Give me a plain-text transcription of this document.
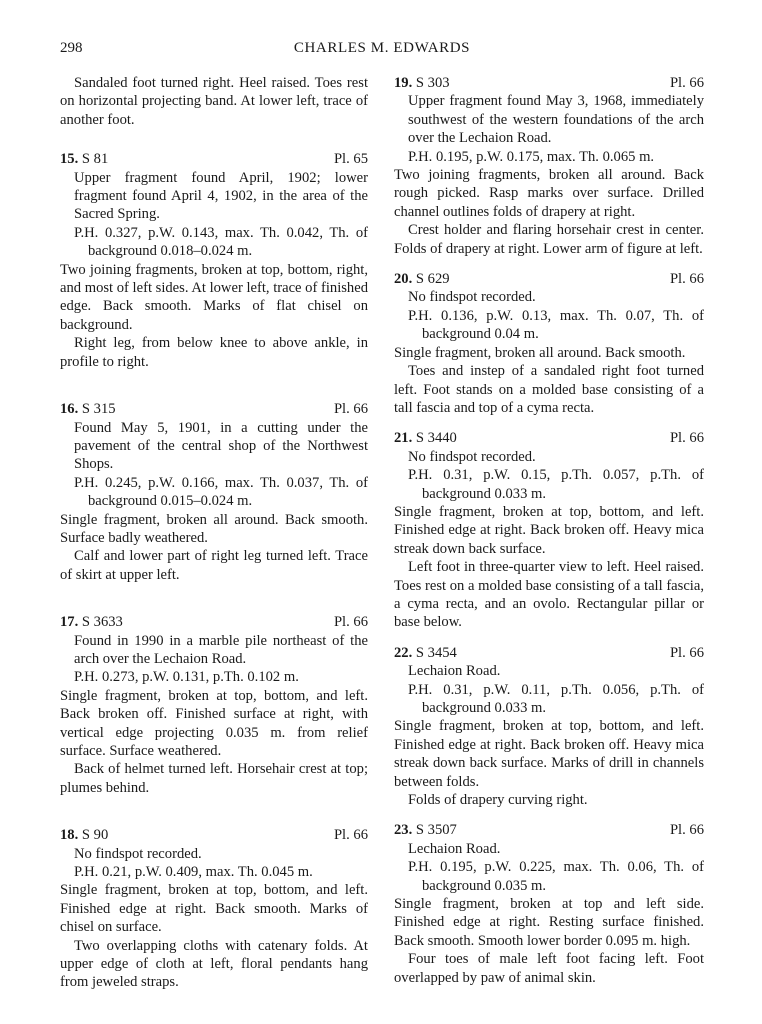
298	CHARLES M. EDWARDS

Sandaled foot turned right. Heel raised. Toes rest on horizontal projecting band. At lower left, trace of another foot.

15. S 81	Pl. 65

Upper fragment found April, 1902; lower fragment found April 4, 1902, in the area of the Sacred Spring.

P.H. 0.327, p.W. 0.143, max. Th. 0.042, Th. of background 0.018–0.024 m.

Two joining fragments, broken at top, bottom, right, and most of left sides. At lower left, trace of finished edge. Back smooth. Marks of flat chisel on background.

Right leg, from below knee to above ankle, in profile to right.

16. S 315	Pl. 66

Found May 5, 1901, in a cutting under the pavement of the central shop of the Northwest Shops.

P.H. 0.245, p.W. 0.166, max. Th. 0.037, Th. of background 0.015–0.024 m.

Single fragment, broken all around. Back smooth. Surface badly weathered.

Calf and lower part of right leg turned left. Trace of skirt at upper left.

17. S 3633	Pl. 66

Found in 1990 in a marble pile northeast of the arch over the Lechaion Road.

P.H. 0.273, p.W. 0.131, p.Th. 0.102 m.

Single fragment, broken at top, bottom, and left. Back broken off. Finished surface at right, with vertical edge projecting 0.035 m. from relief surface. Surface weathered.

Back of helmet turned left. Horsehair crest at top; plumes behind.

18. S 90	Pl. 66

No findspot recorded.

P.H. 0.21, p.W. 0.409, max. Th. 0.045 m.

Single fragment, broken at top, bottom, and left. Finished edge at right. Back smooth. Marks of chisel on surface.

Two overlapping cloths with catenary folds. At upper edge of cloth at left, floral pendants hang from jeweled straps.

19. S 303	Pl. 66

Upper fragment found May 3, 1968, immediately southwest of the western foundations of the arch over the Lechaion Road.

P.H. 0.195, p.W. 0.175, max. Th. 0.065 m.

Two joining fragments, broken all around. Back rough picked. Rasp marks over surface. Drilled channel outlines folds of drapery at right.

Crest holder and flaring horsehair crest in center. Folds of drapery at right. Lower arm of figure at left.

20. S 629	Pl. 66

No findspot recorded.

P.H. 0.136, p.W. 0.13, max. Th. 0.07, Th. of background 0.04 m.

Single fragment, broken all around. Back smooth.

Toes and instep of a sandaled right foot turned left. Foot stands on a molded base consisting of a tall fascia and top of a cyma recta.

21. S 3440	Pl. 66

No findspot recorded.

P.H. 0.31, p.W. 0.15, p.Th. 0.057, p.Th. of background 0.033 m.

Single fragment, broken at top, bottom, and left. Finished edge at right. Back broken off. Heavy mica streak down back surface.

Left foot in three-quarter view to left. Heel raised. Toes rest on a molded base consisting of a tall fascia, a cyma recta, and an ovolo. Rectangular pillar or base below.

22. S 3454	Pl. 66

Lechaion Road.

P.H. 0.31, p.W. 0.11, p.Th. 0.056, p.Th. of background 0.033 m.

Single fragment, broken at top, bottom, and left. Finished edge at right. Back broken off. Heavy mica streak down back surface. Marks of drill in channels between folds.

Folds of drapery curving right.

23. S 3507	Pl. 66

Lechaion Road.

P.H. 0.195, p.W. 0.225, max. Th. 0.06, Th. of background 0.035 m.

Single fragment, broken at top and left side. Finished edge at right. Resting surface finished. Back smooth. Smooth lower border 0.095 m. high.

Four toes of male left foot facing left. Foot overlapped by paw of animal skin.
